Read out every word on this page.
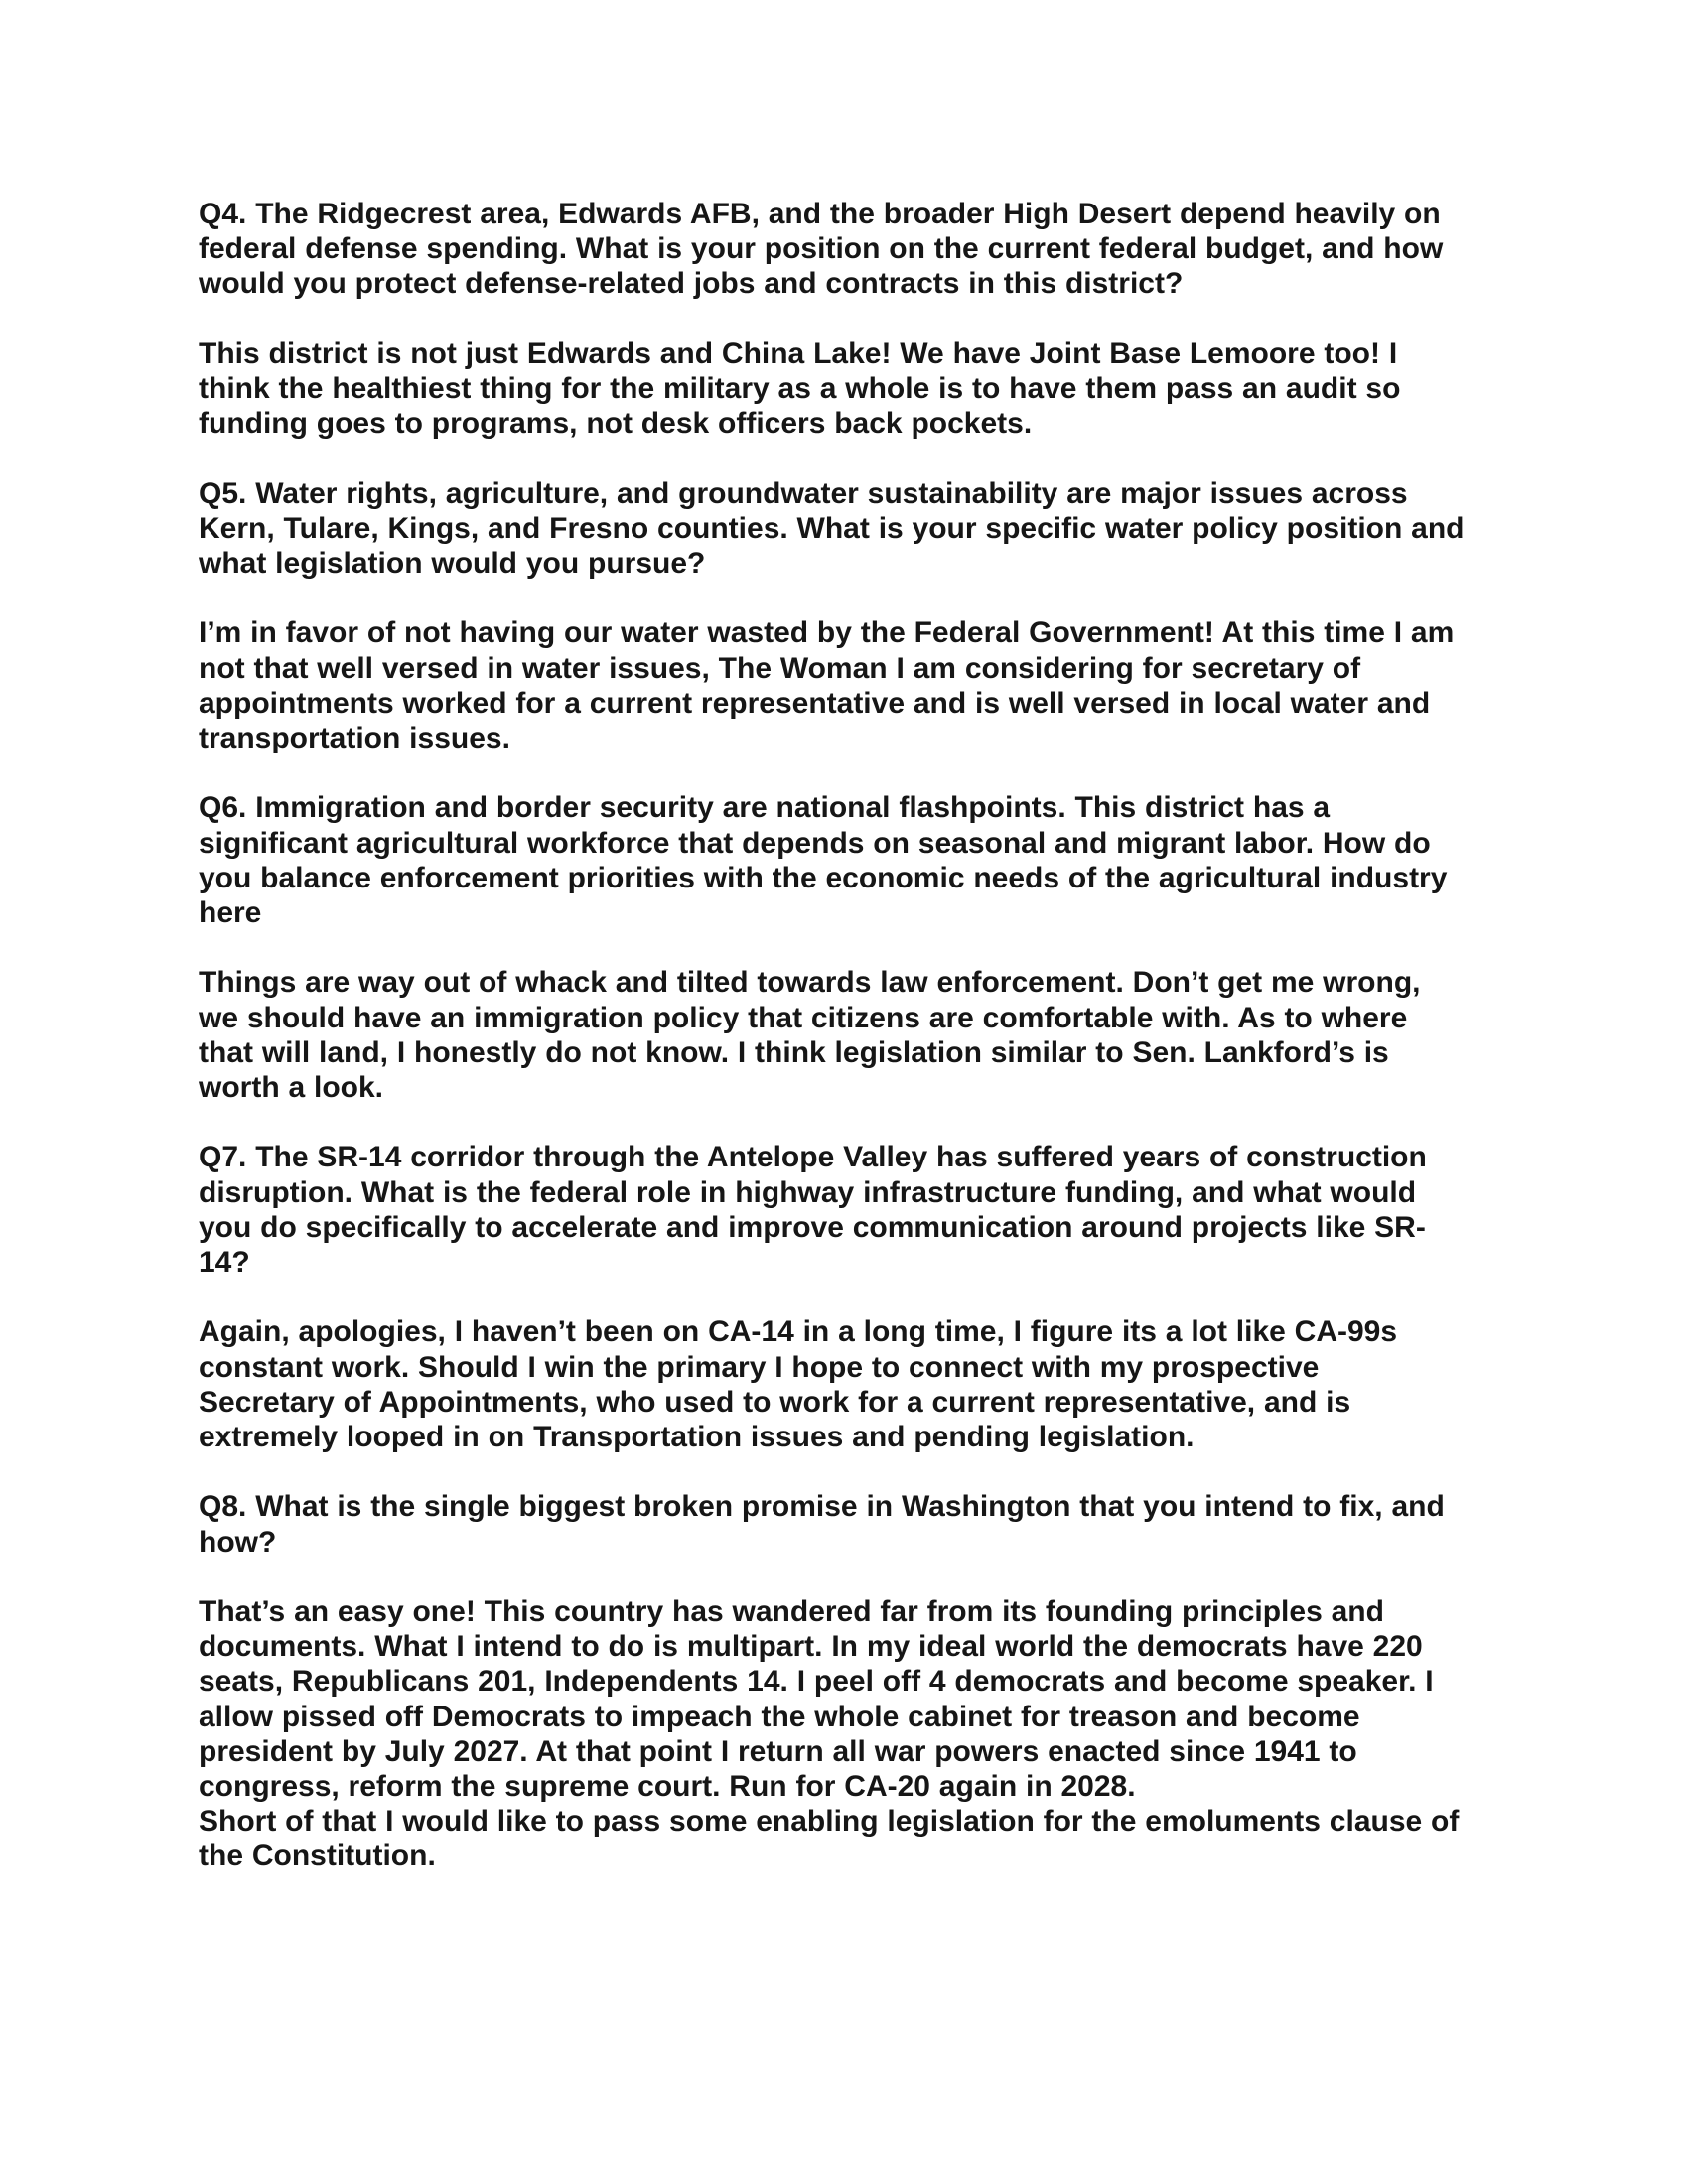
Q4. The Ridgecrest area, Edwards AFB, and the broader High Desert depend heavily on
federal defense spending. What is your position on the current federal budget, and how
would you protect defense-related jobs and contracts in this district?

This district is not just Edwards and China Lake! We have Joint Base Lemoore too! I
think the healthiest thing for the military as a whole is to have them pass an audit so
funding goes to programs, not desk officers back pockets.

Q5. Water rights, agriculture, and groundwater sustainability are major issues across
Kern, Tulare, Kings, and Fresno counties. What is your specific water policy position and
what legislation would you pursue?

I’m in favor of not having our water wasted by the Federal Government! At this time I am
not that well versed in water issues, The Woman I am considering for secretary of
appointments worked for a current representative and is well versed in local water and
transportation issues.

Q6. Immigration and border security are national flashpoints. This district has a
significant agricultural workforce that depends on seasonal and migrant labor. How do
you balance enforcement priorities with the economic needs of the agricultural industry
here

Things are way out of whack and tilted towards law enforcement. Don’t get me wrong,
we should have an immigration policy that citizens are comfortable with. As to where
that will land, I honestly do not know. I think legislation similar to Sen. Lankford’s is
worth a look.

Q7. The SR-14 corridor through the Antelope Valley has suffered years of construction
disruption. What is the federal role in highway infrastructure funding, and what would
you do specifically to accelerate and improve communication around projects like SR-
14?

Again, apologies, I haven’t been on CA-14 in a long time, I figure its a lot like CA-99s
constant work. Should I win the primary I hope to connect with my prospective
Secretary of Appointments, who used to work for a current representative, and is
extremely looped in on Transportation issues and pending legislation.

Q8. What is the single biggest broken promise in Washington that you intend to fix, and
how?

That’s an easy one! This country has wandered far from its founding principles and
documents. What I intend to do is multipart. In my ideal world the democrats have 220
seats, Republicans 201, Independents 14. I peel off 4 democrats and become speaker. I
allow pissed off Democrats to impeach the whole cabinet for treason and become
president by July 2027. At that point I return all war powers enacted since 1941 to
congress, reform the supreme court. Run for CA-20 again in 2028.
Short of that I would like to pass some enabling legislation for the emoluments clause of
the Constitution.
